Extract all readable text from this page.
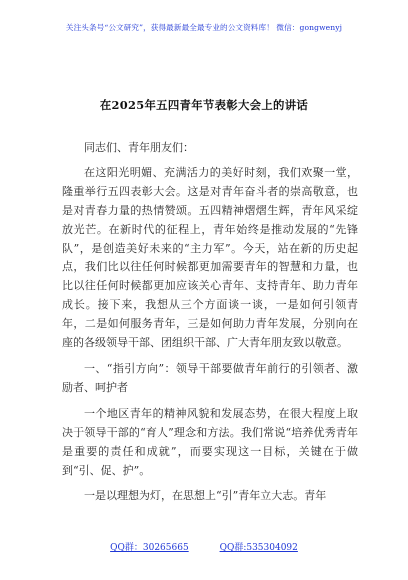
关注头条号“公文研究”，获得最新最全最专业的公文资料库！ 微信：gongwenyj
在2025年五四青年节表彰大会上的讲话

同志们、青年朋友们：

在这阳光明媚、充满活力的美好时刻，我们欢聚一堂，隆重举行五四表彰大会。这是对青年奋斗者的崇高敬意，也是对青春力量的热情赞颂。五四精神熠熠生辉，青年风采绽放光芒。在新时代的征程上，青年始终是推动发展的“先锋队”，是创造美好未来的“主力军”。今天，站在新的历史起点，我们比以往任何时候都更加需要青年的智慧和力量，也比以往任何时候都更加应该关心青年、支持青年、助力青年成长。接下来，我想从三个方面谈一谈，一是如何引领青年，二是如何服务青年，三是如何助力青年发展，分别向在座的各级领导干部、团组织干部、广大青年朋友致以敬意。

一、“指引方向”：领导干部要做青年前行的引领者、激励者、呵护者

一个地区青年的精神风貌和发展态势，在很大程度上取决于领导干部的“育人”理念和方法。我们常说“培养优秀青年是重要的责任和成就”，而要实现这一目标，关键在于做到“引、促、护”。

一是以理想为灯，在思想上“引”青年立大志。青年

QQ群：30265665	QQ群:535304092
